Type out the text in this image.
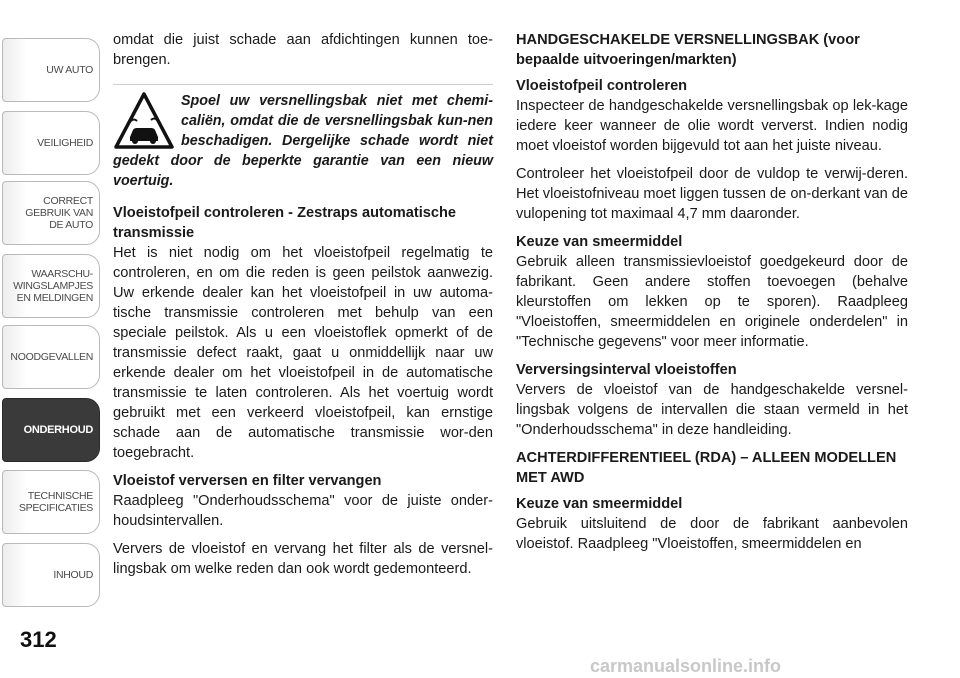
UW AUTO
VEILIGHEID
CORRECT
GEBRUIK VAN
DE AUTO
WAARSCHU-
WINGSLAMPJES
EN MELDINGEN
NOODGEVALLEN
ONDERHOUD
TECHNISCHE
SPECIFICATIES
INHOUD
312

omdat die juist schade aan afdichtingen kunnen toe-brengen.

Spoel uw versnellingsbak niet met chemi-caliën, omdat die de versnellingsbak kun-nen beschadigen. Dergelijke schade wordt niet gedekt door de beperkte garantie van een nieuw voertuig.

Vloeistofpeil controleren - Zestraps automatische transmissie

Het is niet nodig om het vloeistofpeil regelmatig te controleren, en om die reden is geen peilstok aanwezig. Uw erkende dealer kan het vloeistofpeil in uw automa-tische transmissie controleren met behulp van een speciale peilstok. Als u een vloeistoflek opmerkt of de transmissie defect raakt, gaat u onmiddellijk naar uw erkende dealer om het vloeistofpeil in de automatische transmissie te laten controleren. Als het voertuig wordt gebruikt met een verkeerd vloeistofpeil, kan ernstige schade aan de automatische transmissie wor-den toegebracht.

Vloeistof verversen en filter vervangen

Raadpleeg "Onderhoudsschema" voor de juiste onder-houdsintervallen.

Ververs de vloeistof en vervang het filter als de versnel-lingsbak om welke reden dan ook wordt gedemonteerd.

HANDGESCHAKELDE VERSNELLINGSBAK (voor bepaalde uitvoeringen/markten)
Vloeistofpeil controleren

Inspecteer de handgeschakelde versnellingsbak op lek-kage iedere keer wanneer de olie wordt ververst. Indien nodig moet vloeistof worden bijgevuld tot aan het juiste niveau.

Controleer het vloeistofpeil door de vuldop te verwij-deren. Het vloeistofniveau moet liggen tussen de on-derkant van de vulopening tot maximaal 4,7 mm daaronder.

Keuze van smeermiddel

Gebruik alleen transmissievloeistof goedgekeurd door de fabrikant. Geen andere stoffen toevoegen (behalve kleurstoffen om lekken op te sporen). Raadpleeg "Vloeistoffen, smeermiddelen en originele onderdelen" in "Technische gegevens" voor meer informatie.

Verversingsinterval vloeistoffen

Ververs de vloeistof van de handgeschakelde versnel-lingsbak volgens de intervallen die staan vermeld in het "Onderhoudsschema" in deze handleiding.

ACHTERDIFFERENTIEEL (RDA) – ALLEEN MODELLEN MET AWD
Keuze van smeermiddel

Gebruik uitsluitend de door de fabrikant aanbevolen vloeistof. Raadpleeg "Vloeistoffen, smeermiddelen en

carmanualsonline.info
